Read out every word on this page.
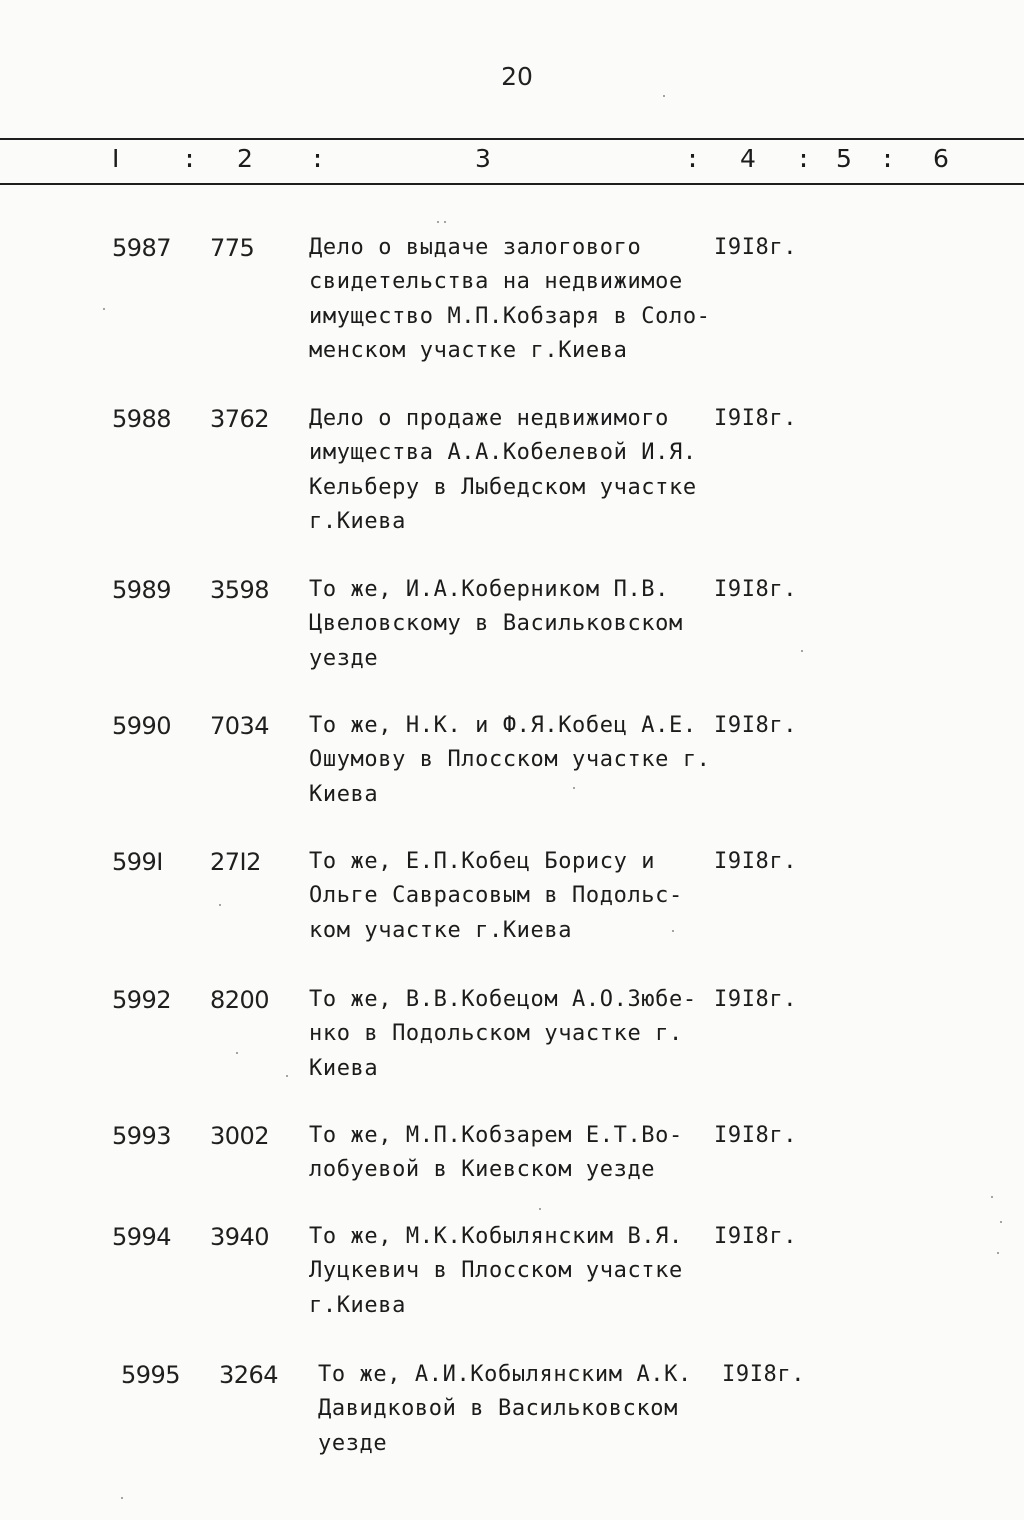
20
I	: 2 :	3	: 4 : 5 : 6
5987 775 Дело о выдаче залогового
свидетельства на недвижимое
имущество М.П.Кобзаря в Соло-
менском участке г.Киева
I9I8г.
5988 3762 Дело о продаже недвижимого
имущества А.А.Кобелевой И.Я.
Кельберу в Лыбедском участке
г.Киева
I9I8г.
5989 3598 То же, И.А.Коберником П.В.
Цвеловскому в Васильковском
уезде
I9I8г.
5990 7034 То же, Н.К. и Ф.Я.Кобец А.Е.
Ошумову в Плосском участке г.
Киева
I9I8г.
599I 27I2 То же, Е.П.Кобец Борису и
Ольге Саврасовым в Подольс-
ком участке г.Киева
I9I8г.
5992 8200 То же, В.В.Кобецом А.О.Зюбе-
нко в Подольском участке г.
Киева
I9I8г.
5993 3002 То же, М.П.Кобзарем Е.Т.Во-
лобуевой в Киевском уезде
I9I8г.
5994 3940 То же, М.К.Кобылянским В.Я.
Луцкевич в Плосском участке
г.Киева
I9I8г.
5995 3264 То же, А.И.Кобылянским А.К.
Давидковой в Васильковском
уезде
I9I8г.
